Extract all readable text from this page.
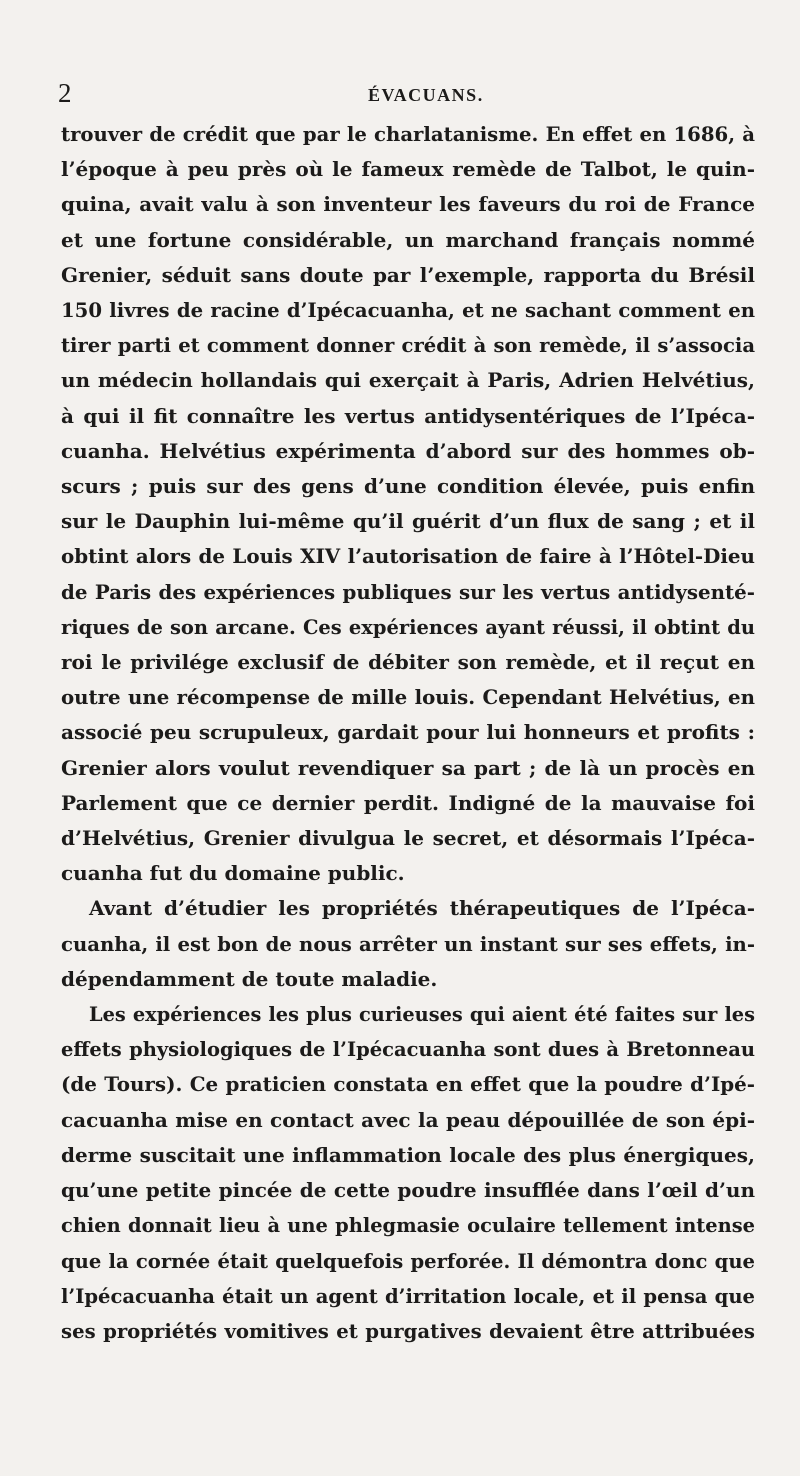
2	ÉVACUANS.
trouver de crédit que par le charlatanisme. En effet en 1686, à
l’époque à peu près où le fameux remède de Talbot, le quin-
quina, avait valu à son inventeur les faveurs du roi de France
et une fortune considérable, un marchand français nommé
Grenier, séduit sans doute par l’exemple, rapporta du Brésil
150 livres de racine d’Ipécacuanha, et ne sachant comment en
tirer parti et comment donner crédit à son remède, il s’associa
un médecin hollandais qui exerçait à Paris, Adrien Helvétius,
à qui il fit connaître les vertus antidysentériques de l’Ipéca-
cuanha. Helvétius expérimenta d’abord sur des hommes ob-
scurs ; puis sur des gens d’une condition élevée, puis enfin
sur le Dauphin lui-même qu’il guérit d’un flux de sang ; et il
obtint alors de Louis XIV l’autorisation de faire à l’Hôtel-Dieu
de Paris des expériences publiques sur les vertus antidysenté-
riques de son arcane. Ces expériences ayant réussi, il obtint du
roi le privilége exclusif de débiter son remède, et il reçut en
outre une récompense de mille louis. Cependant Helvétius, en
associé peu scrupuleux, gardait pour lui honneurs et profits :
Grenier alors voulut revendiquer sa part ; de là un procès en
Parlement que ce dernier perdit. Indigné de la mauvaise foi
d’Helvétius, Grenier divulgua le secret, et désormais l’Ipéca-
cuanha fut du domaine public.
Avant d’étudier les propriétés thérapeutiques de l’Ipéca-
cuanha, il est bon de nous arrêter un instant sur ses effets, in-
dépendamment de toute maladie.
Les expériences les plus curieuses qui aient été faites sur les
effets physiologiques de l’Ipécacuanha sont dues à Bretonneau
(de Tours). Ce praticien constata en effet que la poudre d’Ipé-
cacuanha mise en contact avec la peau dépouillée de son épi-
derme suscitait une inflammation locale des plus énergiques,
qu’une petite pincée de cette poudre insufflée dans l’œil d’un
chien donnait lieu à une phlegmasie oculaire tellement intense
que la cornée était quelquefois perforée. Il démontra donc que
l’Ipécacuanha était un agent d’irritation locale, et il pensa que
ses propriétés vomitives et purgatives devaient être attribuées
